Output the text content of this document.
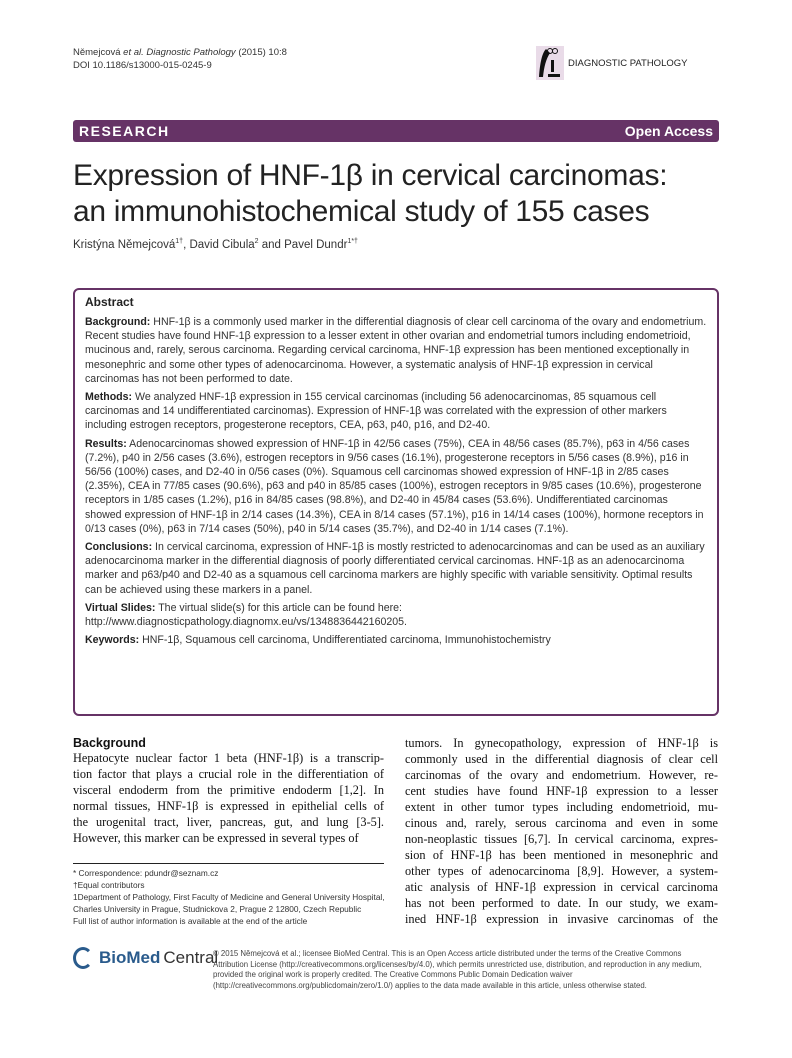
Němejcová et al. Diagnostic Pathology (2015) 10:8
DOI 10.1186/s13000-015-0245-9	DIAGNOSTIC PATHOLOGY
RESEARCH	Open Access
Expression of HNF-1β in cervical carcinomas:
an immunohistochemical study of 155 cases
Kristýna Němejcová$^{1\dagger}$, David Cibula$^2$ and Pavel Dundr$^{1*\dagger}$
Abstract

Background: HNF-1β is a commonly used marker in the differential diagnosis of clear cell carcinoma of the ovary and endometrium. Recent studies have found HNF-1β expression to a lesser extent in other ovarian and endometrial tumors including endometrioid, mucinous and, rarely, serous carcinoma. Regarding cervical carcinoma, HNF-1β expression has been mentioned exceptionally in mesonephric and some other types of adenocarcinoma. However, a systematic analysis of HNF-1β expression in cervical carcinomas has not been performed to date.

Methods: We analyzed HNF-1β expression in 155 cervical carcinomas (including 56 adenocarcinomas, 85 squamous cell carcinomas and 14 undifferentiated carcinomas). Expression of HNF-1β was correlated with the expression of other markers including estrogen receptors, progesterone receptors, CEA, p63, p40, p16, and D2-40.

Results: Adenocarcinomas showed expression of HNF-1β in 42/56 cases (75%), CEA in 48/56 cases (85.7%), p63 in 4/56 cases (7.2%), p40 in 2/56 cases (3.6%), estrogen receptors in 9/56 cases (16.1%), progesterone receptors in 5/56 cases (8.9%), p16 in 56/56 (100%) cases, and D2-40 in 0/56 cases (0%). Squamous cell carcinomas showed expression of HNF-1β in 2/85 cases (2.35%), CEA in 77/85 cases (90.6%), p63 and p40 in 85/85 cases (100%), estrogen receptors in 9/85 cases (10.6%), progesterone receptors in 1/85 cases (1.2%), p16 in 84/85 cases (98.8%), and D2-40 in 45/84 cases (53.6%). Undifferentiated carcinomas showed expression of HNF-1β in 2/14 cases (14.3%), CEA in 8/14 cases (57.1%), p16 in 14/14 cases (100%), hormone receptors in 0/13 cases (0%), p63 in 7/14 cases (50%), p40 in 5/14 cases (35.7%), and D2-40 in 1/14 cases (7.1%).

Conclusions: In cervical carcinoma, expression of HNF-1β is mostly restricted to adenocarcinomas and can be used as an auxiliary adenocarcinoma marker in the differential diagnosis of poorly differentiated cervical carcinomas. HNF-1β as an adenocarcinoma marker and p63/p40 and D2-40 as a squamous cell carcinoma markers are highly specific with variable sensitivity. Optimal results can be achieved using these markers in a panel.

Virtual Slides: The virtual slide(s) for this article can be found here: http://www.diagnosticpathology.diagnomx.eu/vs/1348836442160205.

Keywords: HNF-1β, Squamous cell carcinoma, Undifferentiated carcinoma, Immunohistochemistry

Background
Hepatocyte nuclear factor 1 beta (HNF-1β) is a transcrip-
tion factor that plays a crucial role in the differentiation of
visceral endoderm from the primitive endoderm [1,2]. In
normal tissues, HNF-1β is expressed in epithelial cells of
the urogenital tract, liver, pancreas, gut, and lung [3-5].
However, this marker can be expressed in several types of
tumors. In gynecopathology, expression of HNF-1β is
commonly used in the differential diagnosis of clear cell
carcinomas of the ovary and endometrium. However, re-
cent studies have found HNF-1β expression to a lesser
extent in other tumor types including endometrioid, mu-
cinous and, rarely, serous carcinoma and even in some
non-neoplastic tissues [6,7]. In cervical carcinoma, expres-
sion of HNF-1β has been mentioned in mesonephric and
other types of adenocarcinoma [8,9]. However, a system-
atic analysis of HNF-1β expression in cervical carcinoma
has not been performed to date. In our study, we exam-
ined HNF-1β expression in invasive carcinomas of the
* Correspondence: pdundr@seznam.cz
†Equal contributors
1Department of Pathology, First Faculty of Medicine and General University Hospital, Charles University in Prague, Studnickova 2, Prague 2 12800, Czech Republic
Full list of author information is available at the end of the article
BioMed Central
© 2015 Němejcová et al.; licensee BioMed Central. This is an Open Access article distributed under the terms of the Creative Commons Attribution License (http://creativecommons.org/licenses/by/4.0), which permits unrestricted use, distribution, and reproduction in any medium, provided the original work is properly credited. The Creative Commons Public Domain Dedication waiver (http://creativecommons.org/publicdomain/zero/1.0/) applies to the data made available in this article, unless otherwise stated.
